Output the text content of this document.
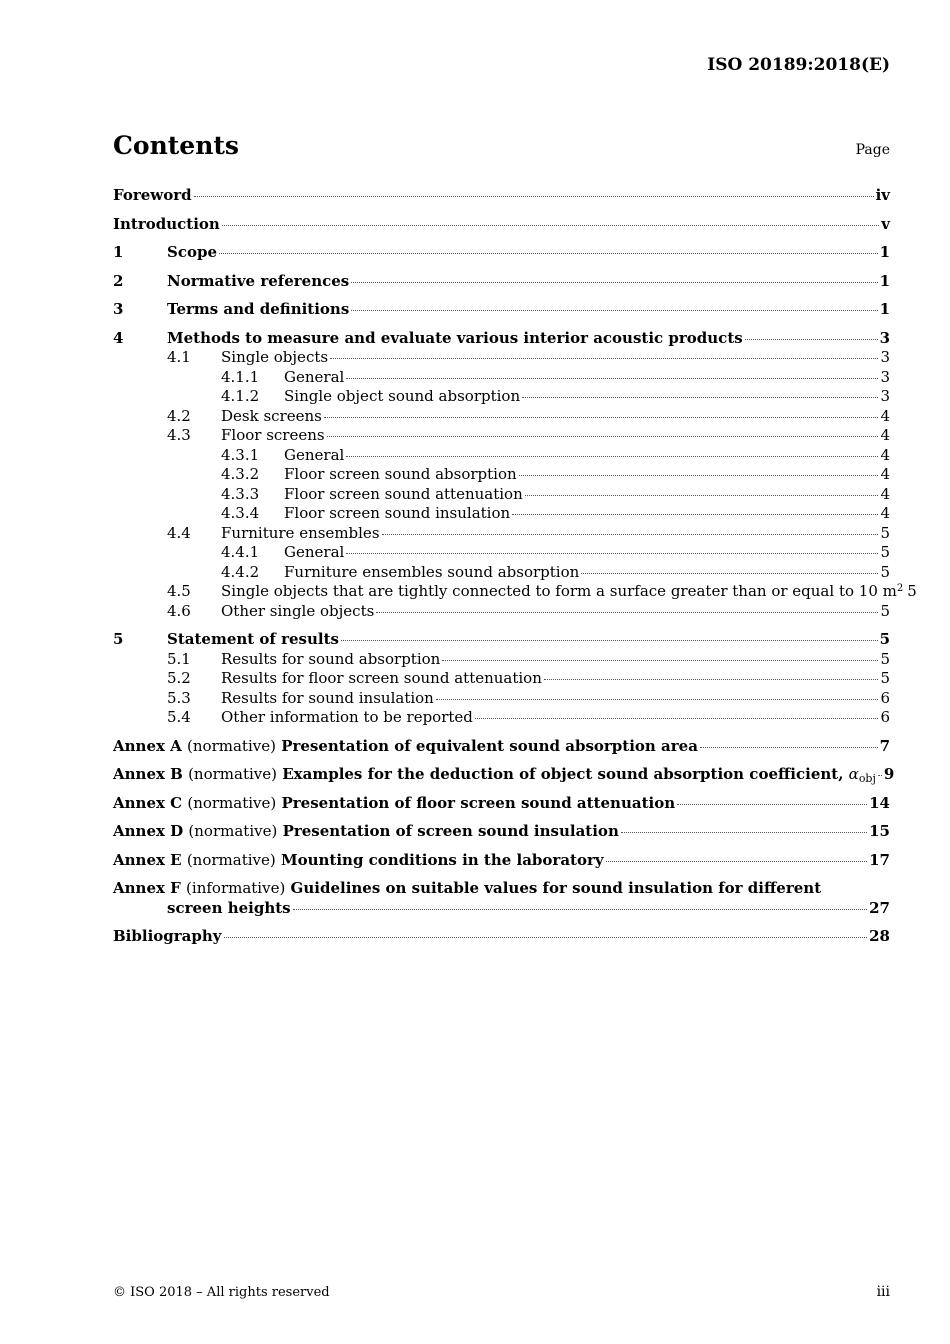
ISO 20189:2018(E)
Contents	Page
Foreword	iv
Introduction	v
1	Scope	1
2	Normative references	1
3	Terms and definitions	1
4	Methods to measure and evaluate various interior acoustic products	3
4.1	Single objects	3
4.1.1	General	3
4.1.2	Single object sound absorption	3
4.2	Desk screens	4
4.3	Floor screens	4
4.3.1	General	4
4.3.2	Floor screen sound absorption	4
4.3.3	Floor screen sound attenuation	4
4.3.4	Floor screen sound insulation	4
4.4	Furniture ensembles	5
4.4.1	General	5
4.4.2	Furniture ensembles sound absorption	5
4.5	Single objects that are tightly connected to form a surface greater than or equal to 10 $m^2$ 5
4.6	Other single objects	5
5	Statement of results	5
5.1	Results for sound absorption	5
5.2	Results for floor screen sound attenuation	5
5.3	Results for sound insulation	6
5.4	Other information to be reported	6
Annex A (normative) Presentation of equivalent sound absorption area	7
Annex B (normative) Examples for the deduction of object sound absorption coefficient, $\alpha_{obj}$ 9
Annex C (normative) Presentation of floor screen sound attenuation	14
Annex D (normative) Presentation of screen sound insulation	15
Annex E (normative) Mounting conditions in the laboratory	17
Annex F (informative) Guidelines on suitable values for sound insulation for different
screen heights	27
Bibliography	28
© ISO 2018 – All rights reserved	iii
